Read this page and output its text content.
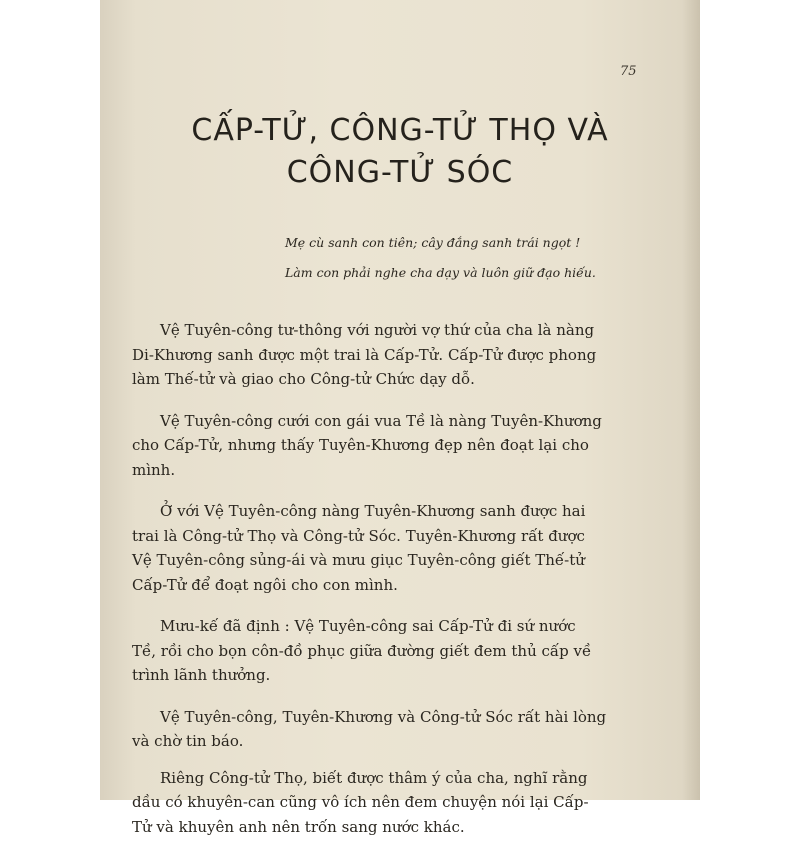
75
CẤP-TỬ, CÔNG-TỬ THỌ VÀ
CÔNG-TỬ SÓC
Mẹ cù sanh con tiên; cây đắng sanh trái ngọt !
Làm con phải nghe cha dạy và luôn giữ đạo hiếu.

Vệ Tuyên-công tư-thông với người vợ thứ của cha là nàng
Di-Khương sanh được một trai là Cấp-Tử. Cấp-Tử được phong
làm Thế-tử và giao cho Công-tử Chức dạy dỗ.

Vệ Tuyên-công cưới con gái vua Tề là nàng Tuyên-Khương
cho Cấp-Tử, nhưng thấy Tuyên-Khương đẹp nên đoạt lại cho
mình.

Ở với Vệ Tuyên-công nàng Tuyên-Khương sanh được hai
trai là Công-tử Thọ và Công-tử Sóc. Tuyên-Khương rất được
Vệ Tuyên-công sủng-ái và mưu giục Tuyên-công giết Thế-tử
Cấp-Tử để đoạt ngôi cho con mình.

Mưu-kế đã định : Vệ Tuyên-công sai Cấp-Tử đi sứ nước
Tề, rồi cho bọn côn-đồ phục giữa đường giết đem thủ cấp về
trình lãnh thưởng.

Vệ Tuyên-công, Tuyên-Khương và Công-tử Sóc rất hài lòng
và chờ tin báo.

Riêng Công-tử Thọ, biết được thâm ý của cha, nghĩ rằng
dầu có khuyên-can cũng vô ích nên đem chuyện nói lại Cấp-
Tử và khuyên anh nên trốn sang nước khác.
